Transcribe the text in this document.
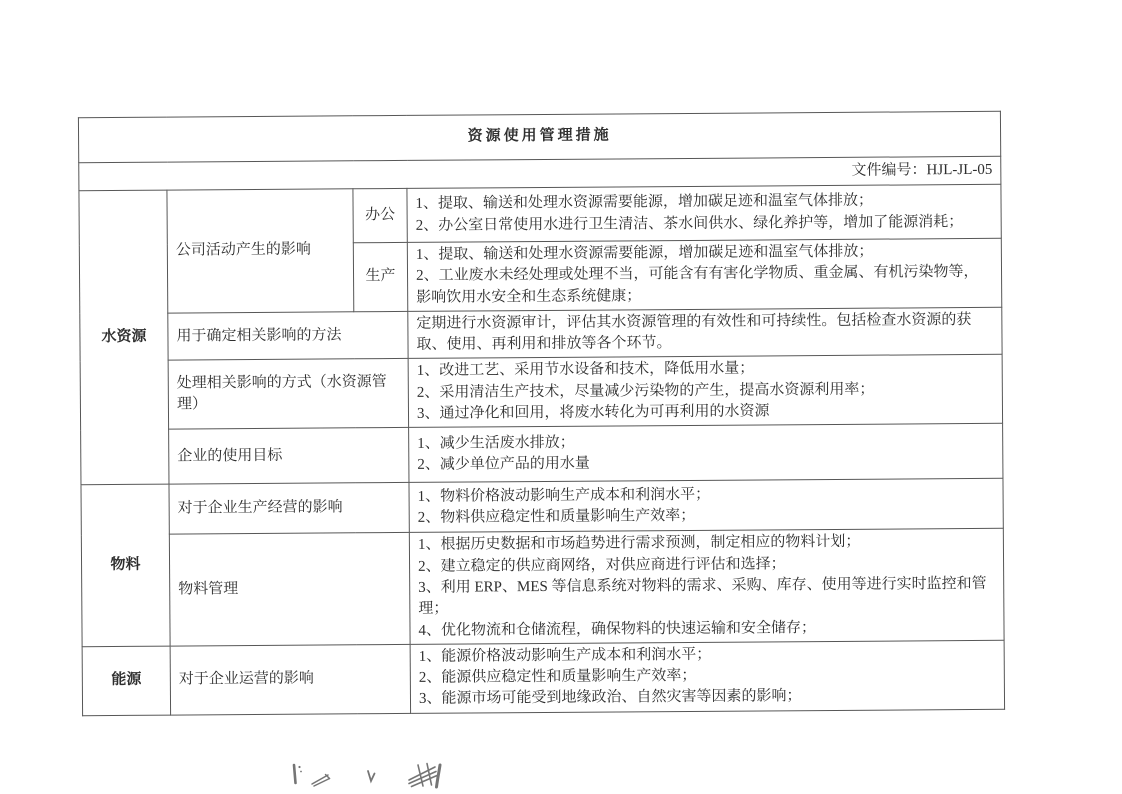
资源使用管理措施			
文件编号：HJL-JL-05			
水资源	公司活动产生的影响	办公	1、提取、输送和处理水资源需要能源，增加碳足迹和温室气体排放；
2、办公室日常使用水进行卫生清洁、茶水间供水、绿化养护等，增加了能源消耗；
		生产	1、提取、输送和处理水资源需要能源，增加碳足迹和温室气体排放；
2、工业废水未经处理或处理不当，可能含有有害化学物质、重金属、有机污染物等，影响饮用水安全和生态系统健康；
	用于确定相关影响的方法		定期进行水资源审计，评估其水资源管理的有效性和可持续性。包括检查水资源的获取、使用、再利用和排放等各个环节。
	处理相关影响的方式（水资源管理）		1、改进工艺、采用节水设备和技术，降低用水量；
2、采用清洁生产技术，尽量减少污染物的产生，提高水资源利用率；
3、通过净化和回用，将废水转化为可再利用的水资源
	企业的使用目标		1、减少生活废水排放；
2、减少单位产品的用水量
物料	对于企业生产经营的影响		1、物料价格波动影响生产成本和利润水平；
2、物料供应稳定性和质量影响生产效率；
	物料管理		1、根据历史数据和市场趋势进行需求预测，制定相应的物料计划；
2、建立稳定的供应商网络，对供应商进行评估和选择；
3、利用 ERP、MES 等信息系统对物料的需求、采购、库存、使用等进行实时监控和管理；
4、优化物流和仓储流程，确保物料的快速运输和安全储存；
能源	对于企业运营的影响		1、能源价格波动影响生产成本和利润水平；
2、能源供应稳定性和质量影响生产效率；
3、能源市场可能受到地缘政治、自然灾害等因素的影响；
